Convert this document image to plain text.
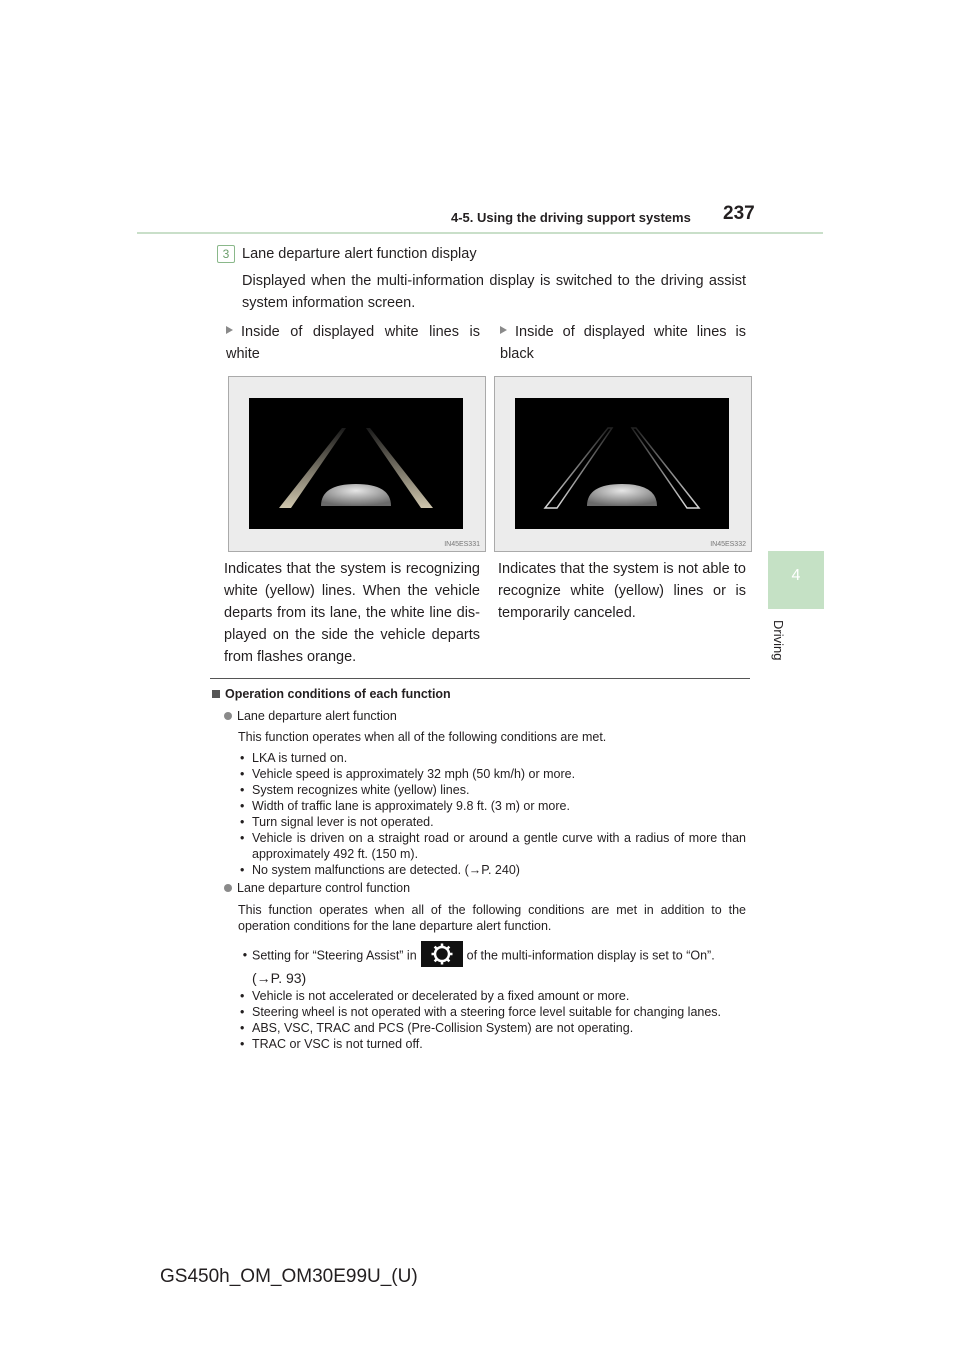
4-5. Using the driving support systems 237
4
Driving
3 Lane departure alert function display
Displayed when the multi-information display is switched to the driving assist system information screen.
Inside of displayed white lines is white
Inside of displayed white lines is black
IN45ES331	IN45ES332
Indicates that the system is recognizing white (yellow) lines. When the vehicle departs from its lane, the white line dis-played on the side the vehicle departs from flashes orange.
Indicates that the system is not able to recognize white (yellow) lines or is temporarily canceled.
Operation conditions of each function
Lane departure alert function
This function operates when all of the following conditions are met.
• LKA is turned on.
• Vehicle speed is approximately 32 mph (50 km/h) or more.
• System recognizes white (yellow) lines.
• Width of traffic lane is approximately 9.8 ft. (3 m) or more.
• Turn signal lever is not operated.
• Vehicle is driven on a straight road or around a gentle curve with a radius of more than approximately 492 ft. (150 m).
• No system malfunctions are detected. (→P. 240)
Lane departure control function
This function operates when all of the following conditions are met in addition to the operation conditions for the lane departure alert function.
• Setting for “Steering Assist” in	of the multi-information display is set to “On”.
(→P. 93)
• Vehicle is not accelerated or decelerated by a fixed amount or more.
• Steering wheel is not operated with a steering force level suitable for changing lanes.
• ABS, VSC, TRAC and PCS (Pre-Collision System) are not operating.
• TRAC or VSC is not turned off.
GS450h_OM_OM30E99U_(U)
